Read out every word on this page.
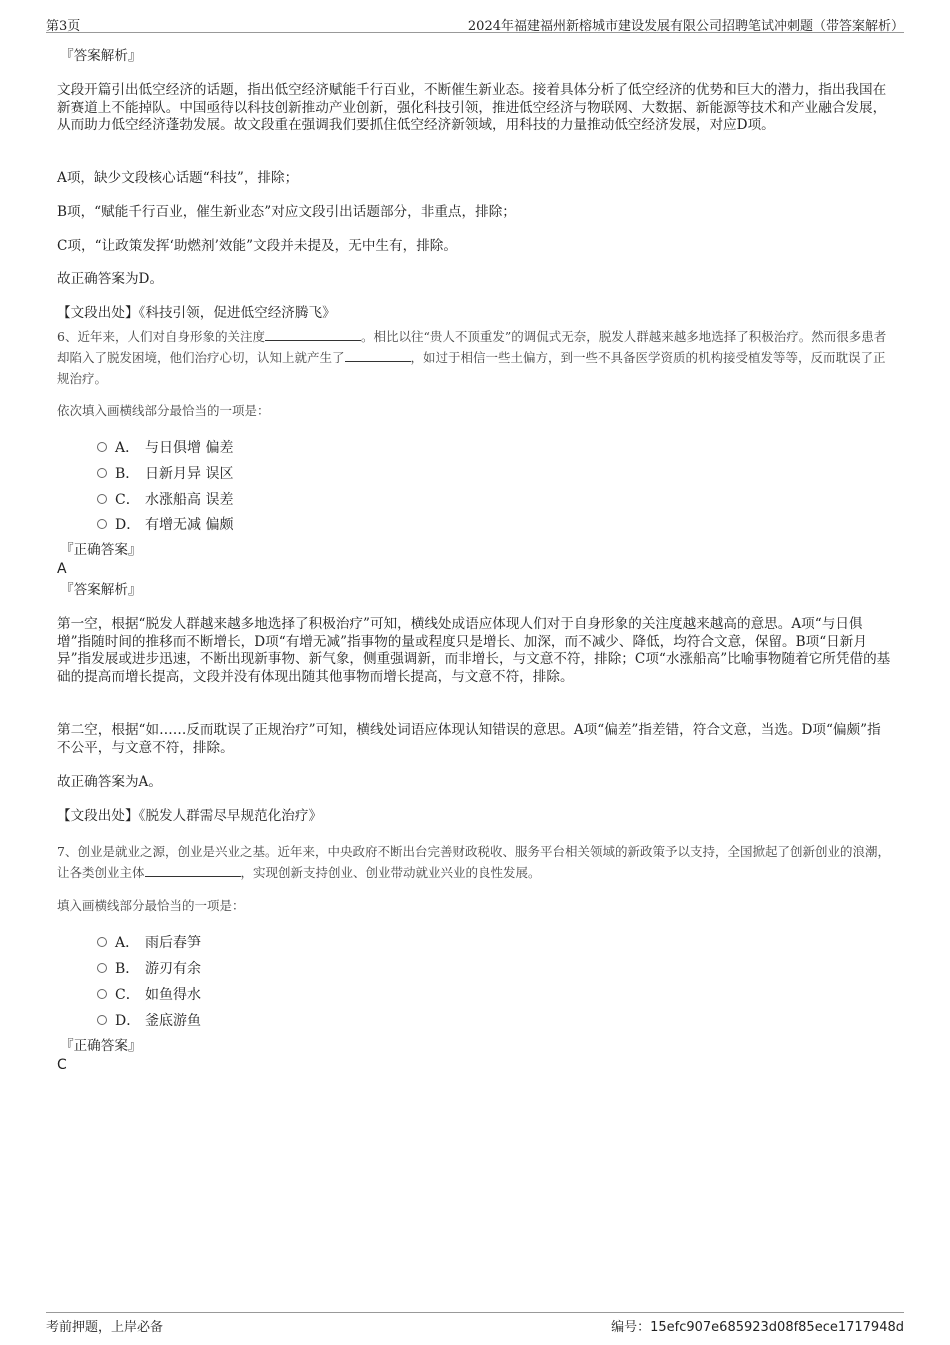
第3页	2024年福建福州新榕城市建设发展有限公司招聘笔试冲刺题（带答案解析）
『答案解析』
文段开篇引出低空经济的话题，指出低空经济赋能千行百业，不断催生新业态。接着具体分析了低空经济的优势和巨大的潜力，指出我国在新赛道上不能掉队。中国亟待以科技创新推动产业创新，强化科技引领，推进低空经济与物联网、大数据、新能源等技术和产业融合发展，从而助力低空经济蓬勃发展。故文段重在强调我们要抓住低空经济新领域，用科技的力量推动低空经济发展，对应D项。
A项，缺少文段核心话题“科技”，排除；
B项，“赋能千行百业，催生新业态”对应文段引出话题部分，非重点，排除；
C项，“让政策发挥‘助燃剂’效能”文段并未提及，无中生有，排除。
故正确答案为D。
【文段出处】《科技引领，促进低空经济腾飞》
6、近年来，人们对自身形象的关注度	。相比以往“贵人不顶重发”的调侃式无奈，脱发人群越来越多地选择了积极治疗。然而很多患者却陷入了脱发困境，他们治疗心切，认知上就产生了	，如过于相信一些土偏方，到一些不具备医学资质的机构接受植发等等，反而耽误了正规治疗。
依次填入画横线部分最恰当的一项是：
A． 与日俱增 偏差
B． 日新月异 误区
C． 水涨船高 误差
D． 有增无减 偏颇
『正确答案』
A
『答案解析』
第一空，根据“脱发人群越来越多地选择了积极治疗”可知，横线处成语应体现人们对于自身形象的关注度越来越高的意思。A项“与日俱增”指随时间的推移而不断增长，D项“有增无减”指事物的量或程度只是增长、加深，而不减少、降低，均符合文意，保留。B项“日新月异”指发展或进步迅速，不断出现新事物、新气象，侧重强调新，而非增长，与文意不符，排除；C项“水涨船高”比喻事物随着它所凭借的基础的提高而增长提高，文段并没有体现出随其他事物而增长提高，与文意不符，排除。
第二空，根据“如……反而耽误了正规治疗”可知，横线处词语应体现认知错误的意思。A项“偏差”指差错，符合文意，当选。D项“偏颇”指不公平，与文意不符，排除。
故正确答案为A。
【文段出处】《脱发人群需尽早规范化治疗》
7、创业是就业之源，创业是兴业之基。近年来，中央政府不断出台完善财政税收、服务平台相关领域的新政策予以支持，全国掀起了创新创业的浪潮，让各类创业主体	，实现创新支持创业、创业带动就业兴业的良性发展。
填入画横线部分最恰当的一项是：
A． 雨后春笋
B． 游刃有余
C． 如鱼得水
D． 釜底游鱼
『正确答案』
C
考前押题，上岸必备	编号：15efc907e685923d08f85ece1717948d
